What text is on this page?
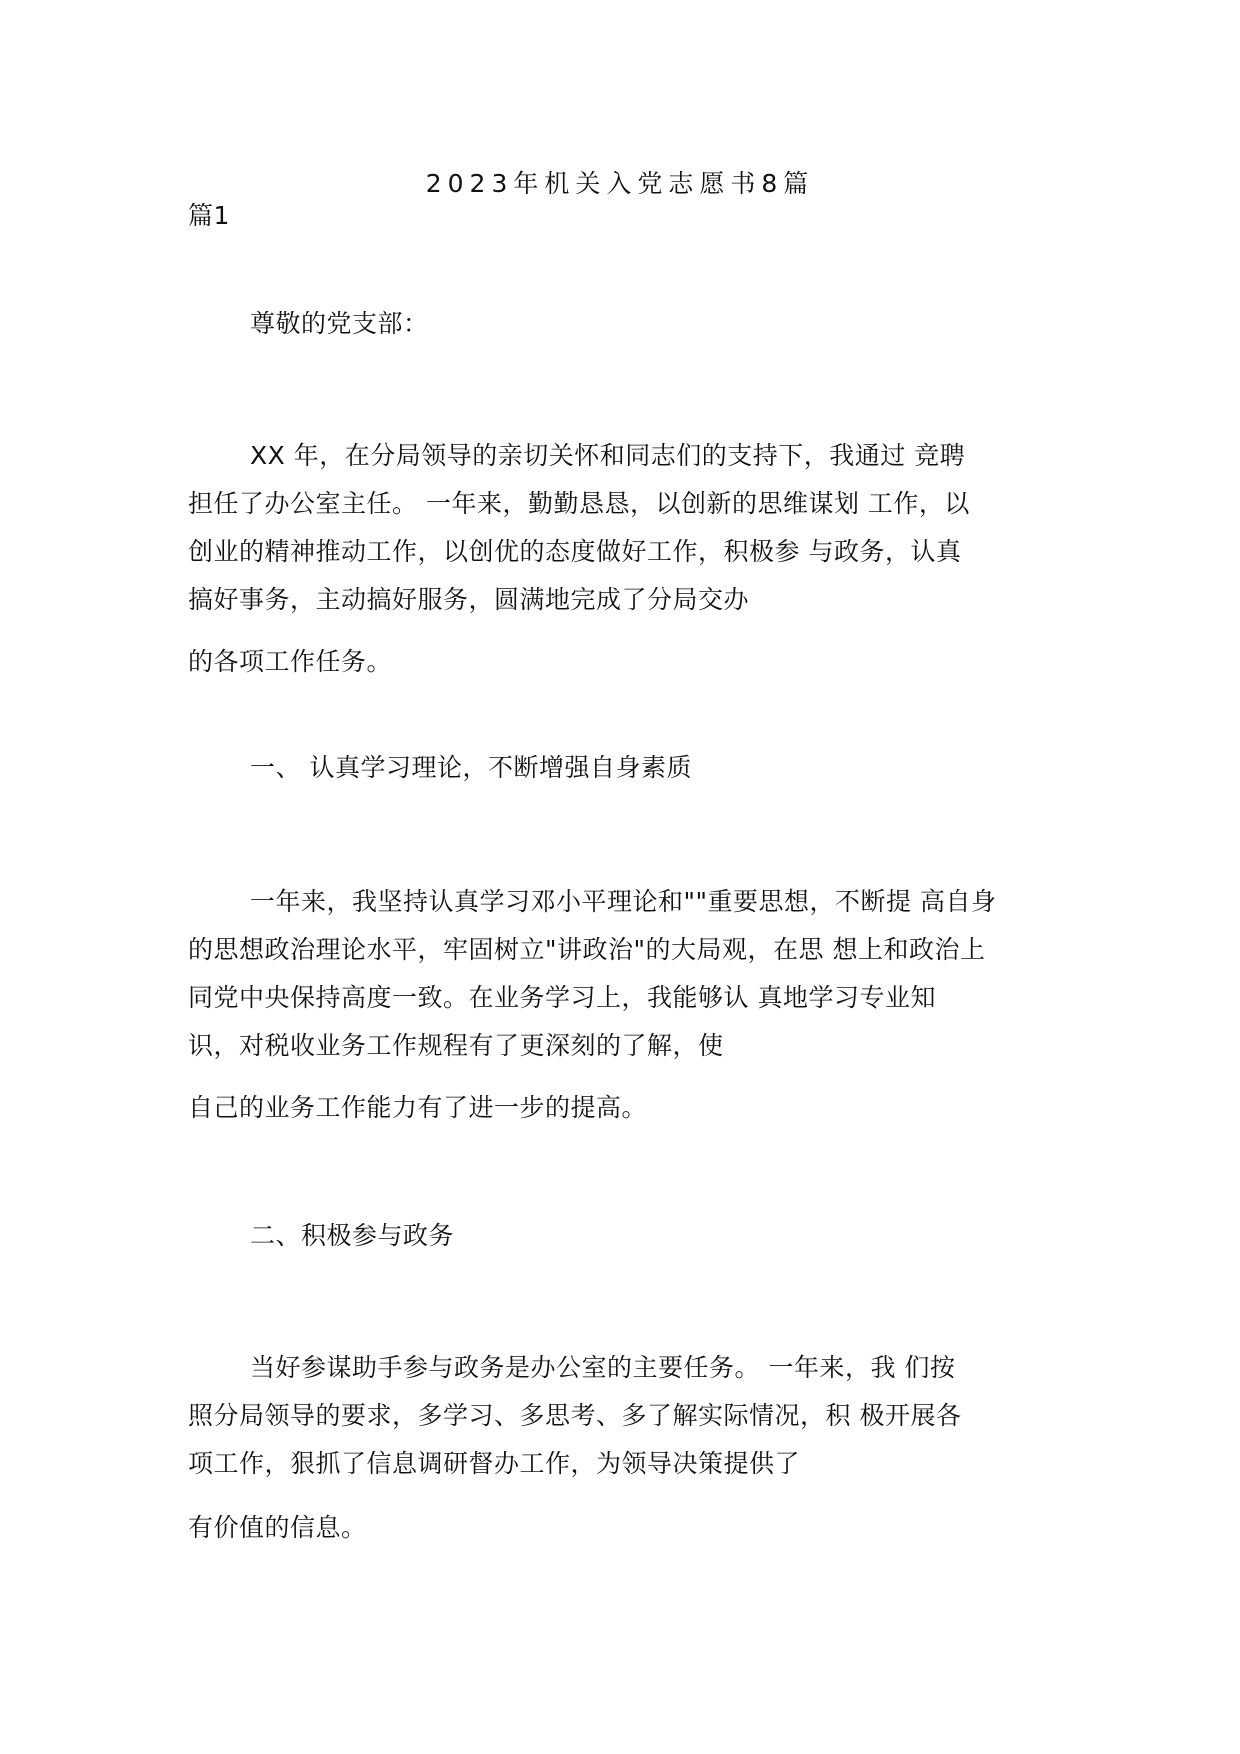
2023年机关入党志愿书8篇
篇1
尊敬的党支部：
XX 年，在分局领导的亲切关怀和同志们的支持下，我通过 竞聘
担任了办公室主任。 一年来，勤勤恳恳，以创新的思维谋划 工作，以
创业的精神推动工作，以创优的态度做好工作，积极参 与政务，认真
搞好事务，主动搞好服务，圆满地完成了分局交办
的各项工作任务。
一、 认真学习理论，不断增强自身素质
一年来，我坚持认真学习邓小平理论和""重要思想，不断提 高自身
的思想政治理论水平，牢固树立"讲政治"的大局观，在思 想上和政治上
同党中央保持高度一致。在业务学习上，我能够认 真地学习专业知
识，对税收业务工作规程有了更深刻的了解，使
自己的业务工作能力有了进一步的提高。
二、积极参与政务
当好参谋助手参与政务是办公室的主要任务。 一年来，我 们按
照分局领导的要求，多学习、多思考、多了解实际情况，积 极开展各
项工作，狠抓了信息调研督办工作，为领导决策提供了
有价值的信息。
